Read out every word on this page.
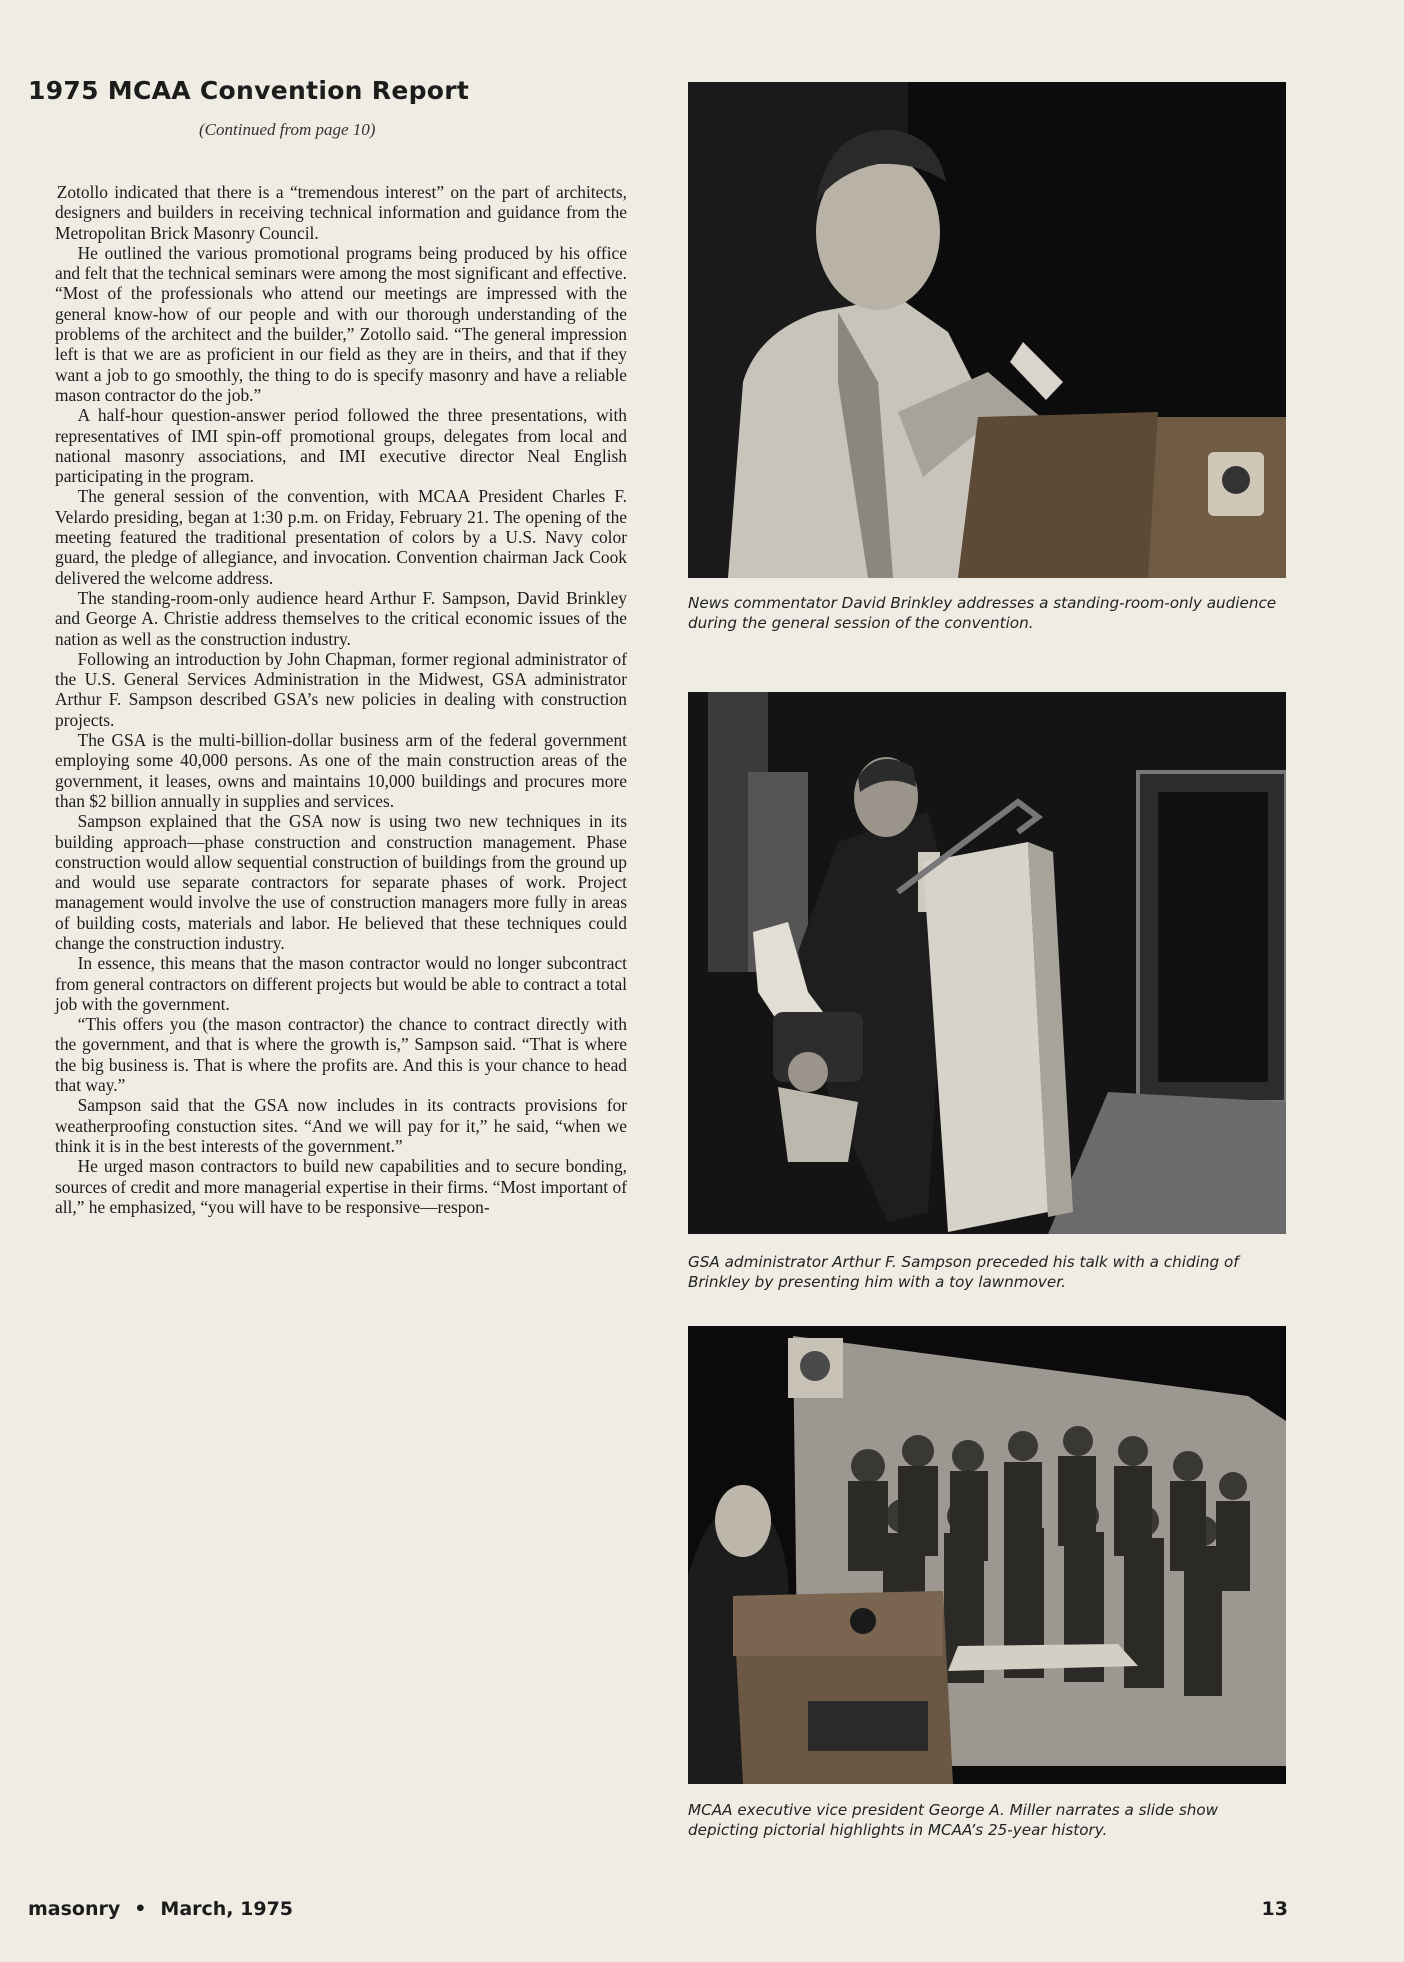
1975 MCAA Convention Report
(Continued from page 10)

Zotollo indicated that there is a “tremendous interest” on the part of architects, designers and builders in receiving technical information and guidance from the Metropolitan Brick Masonry Council.

He outlined the various promotional programs being produced by his office and felt that the technical seminars were among the most significant and effective. “Most of the professionals who attend our meetings are impressed with the general know-how of our people and with our thorough understanding of the problems of the architect and the builder,” Zotollo said. “The general impression left is that we are as proficient in our field as they are in theirs, and that if they want a job to go smoothly, the thing to do is specify masonry and have a reliable mason contractor do the job.”

A half-hour question-answer period followed the three presentations, with representatives of IMI spin-off promotional groups, delegates from local and national masonry associations, and IMI executive director Neal English participating in the program.

The general session of the convention, with MCAA President Charles F. Velardo presiding, began at 1:30 p.m. on Friday, February 21. The opening of the meeting featured the traditional presentation of colors by a U.S. Navy color guard, the pledge of allegiance, and invocation. Convention chairman Jack Cook delivered the welcome address.

The standing-room-only audience heard Arthur F. Sampson, David Brinkley and George A. Christie address themselves to the critical economic issues of the nation as well as the construction industry.

Following an introduction by John Chapman, former regional administrator of the U.S. General Services Administration in the Midwest, GSA administrator Arthur F. Sampson described GSA’s new policies in dealing with construction projects.

The GSA is the multi-billion-dollar business arm of the federal government employing some 40,000 persons. As one of the main construction areas of the government, it leases, owns and maintains 10,000 buildings and procures more than $2 billion annually in supplies and services.

Sampson explained that the GSA now is using two new techniques in its building approach—phase construction and construction management. Phase construction would allow sequential construction of buildings from the ground up and would use separate contractors for separate phases of work. Project management would involve the use of construction managers more fully in areas of building costs, materials and labor. He believed that these techniques could change the construction industry.

In essence, this means that the mason contractor would no longer subcontract from general contractors on different projects but would be able to contract a total job with the government.

“This offers you (the mason contractor) the chance to contract directly with the government, and that is where the growth is,” Sampson said. “That is where the big business is. That is where the profits are. And this is your chance to head that way.”

Sampson said that the GSA now includes in its contracts provisions for weatherproofing constuction sites. “And we will pay for it,” he said, “when we think it is in the best interests of the government.”

He urged mason contractors to build new capabilities and to secure bonding, sources of credit and more managerial expertise in their firms. “Most important of all,” he emphasized, “you will have to be responsive—respon-

News commentator David Brinkley addresses a standing-room-only audience during the general session of the convention.
GSA administrator Arthur F. Sampson preceded his talk with a chiding of Brinkley by presenting him with a toy lawnmover.
MCAA executive vice president George A. Miller narrates a slide show depicting pictorial highlights in MCAA’s 25-year history.
masonry • March, 1975	13
